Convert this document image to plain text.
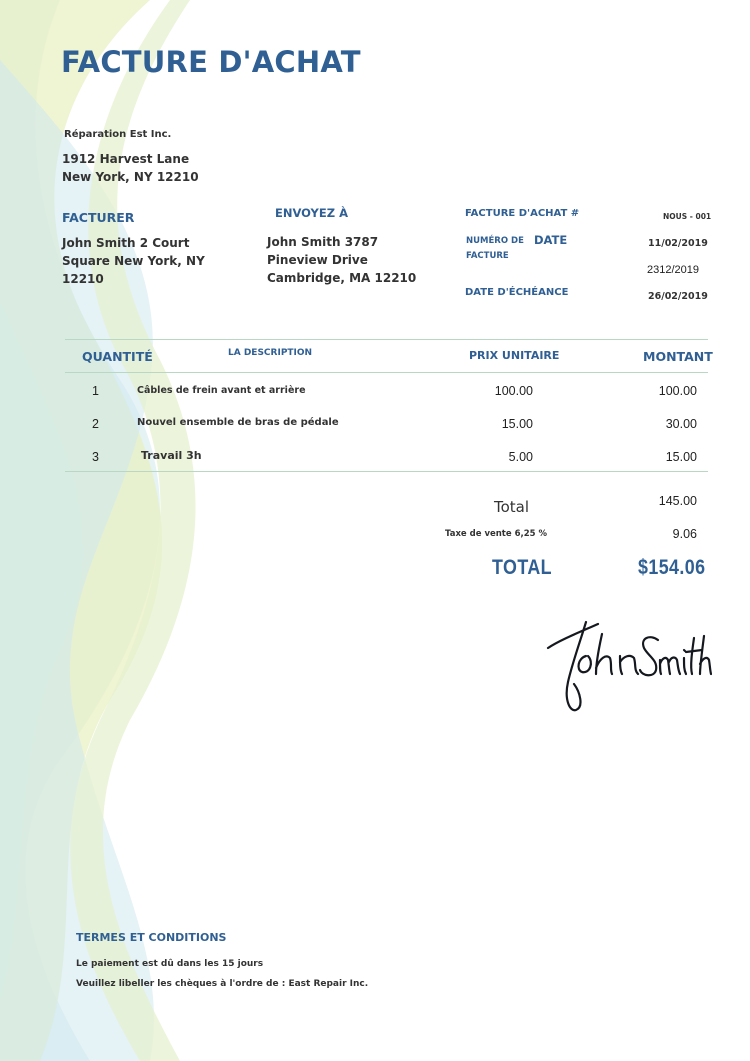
FACTURE D'ACHAT
Réparation Est Inc.
1912 Harvest Lane
New York, NY 12210
FACTURER
John Smith 2 Court
Square New York, NY
12210
ENVOYEZ À
John Smith 3787
Pineview Drive
Cambridge, MA 12210
FACTURE D'ACHAT #	NOUS - 001
NUMÉRO DE
FACTURE
DATE	11/02/2019
2312/2019
DATE D'ÉCHÉANCE	26/02/2019
QUANTITÉ	LA DESCRIPTION	PRIX UNITAIRE	MONTANT
1	Câbles de frein avant et arrière	100.00	100.00
2	Nouvel ensemble de bras de pédale	15.00	30.00
3	Travail 3h	5.00	15.00
Total	145.00
Taxe de vente 6,25 %	9.06
TOTAL	$154.06
TERMES ET CONDITIONS
Le paiement est dû dans les 15 jours
Veuillez libeller les chèques à l'ordre de : East Repair Inc.
